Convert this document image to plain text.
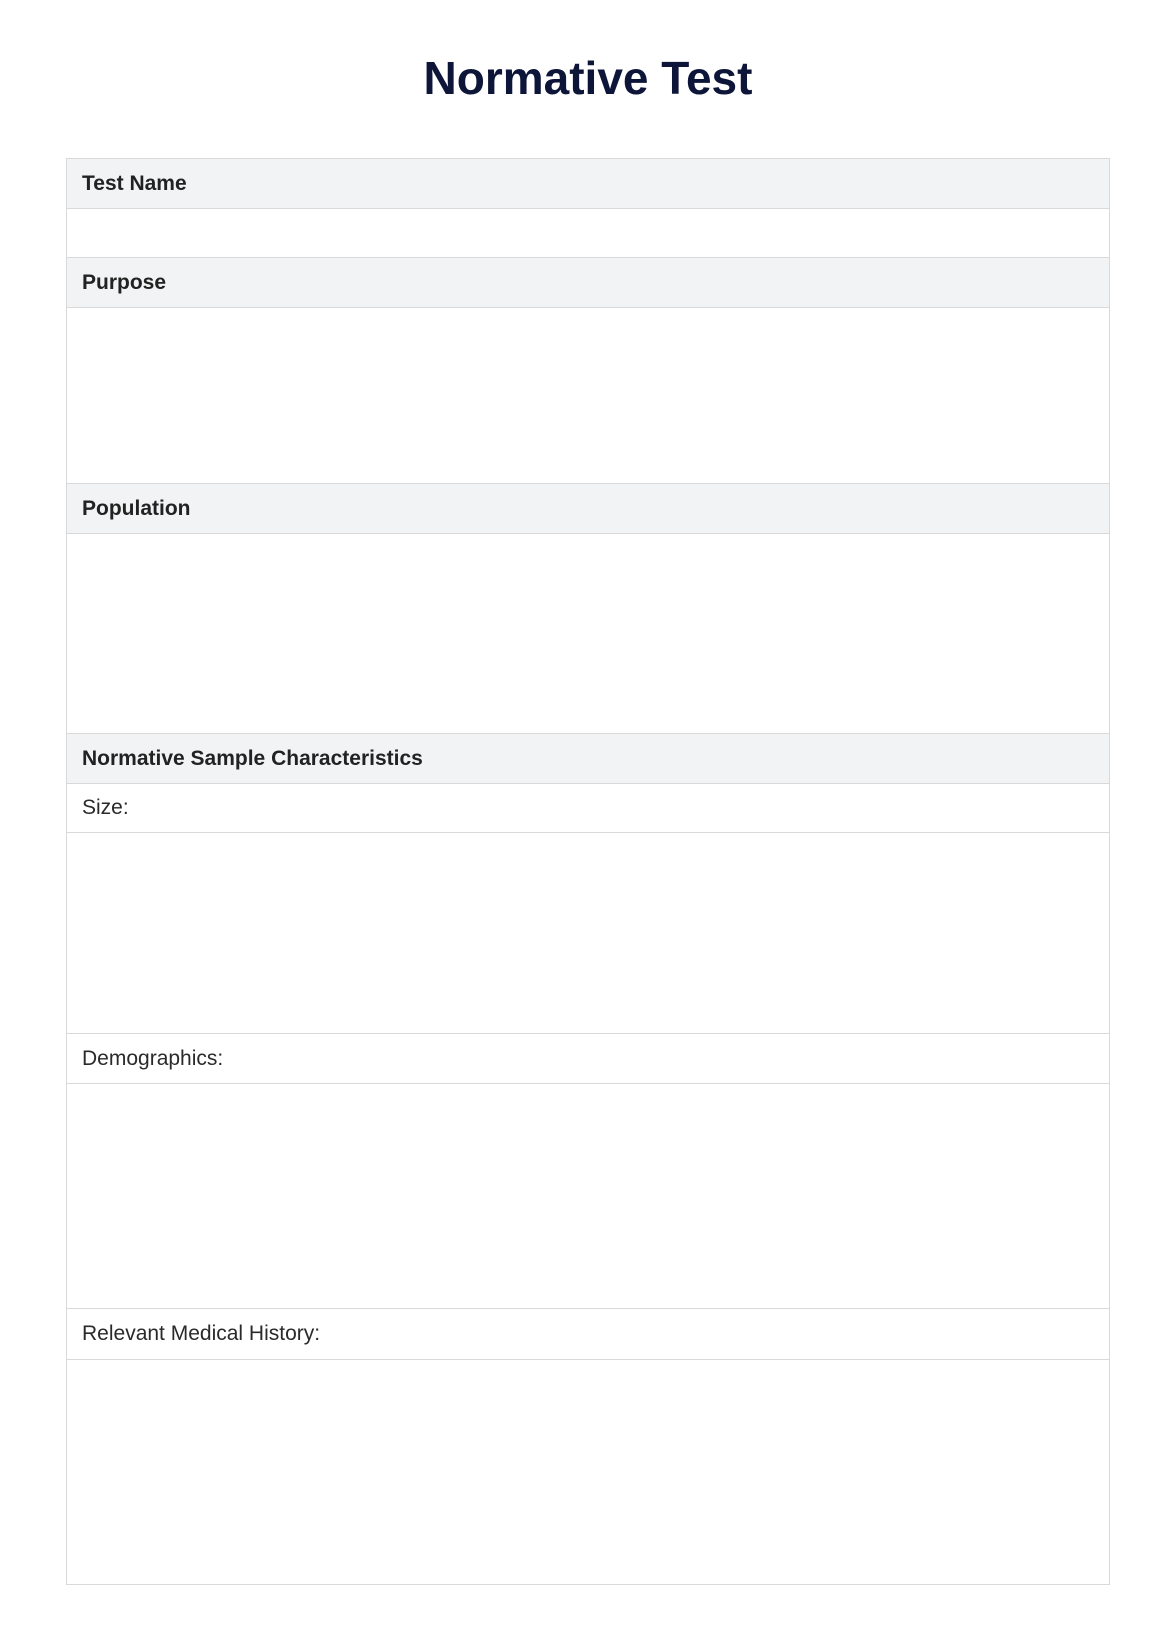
Normative Test
Test Name
Purpose
Population
Normative Sample Characteristics
Size:
Demographics:
Relevant Medical History:
